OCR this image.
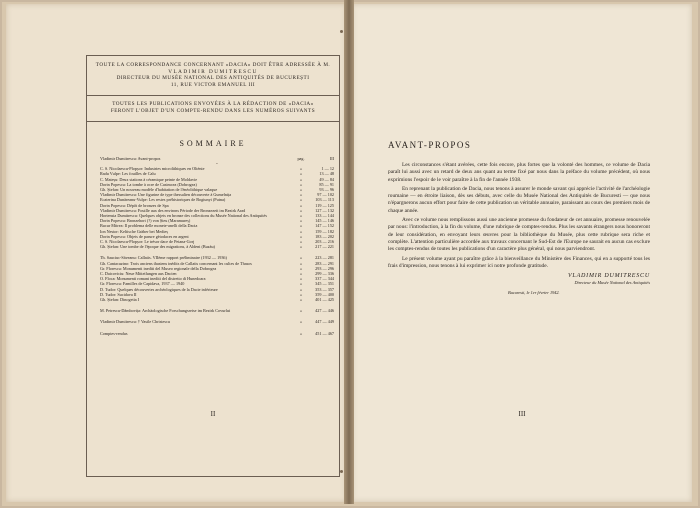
TOUTE LA CORRESPONDANCE CONCERNANT «DACIA» DOIT ÊTRE ADRESSÉE À M.
VLADIMIR DUMITRESCU
DIRECTEUR DU MUSÉE NATIONAL DES ANTIQUITÉS DE BUCUREȘTI
11, RUE VICTOR EMANUEL III
TOUTES LES PUBLICATIONS ENVOYÉES À LA RÉDACTION DE «DACIA»
FERONT L'OBJET D'UN COMPTE-RENDU DANS LES NUMÉROS SUIVANTS
SOMMAIRE
Vladimir Dumitrescu: Avant-propos	pag.	III
•
C. S. Nicolaescu-Plopșor: Industries microlithiques en Olténie	»	1 — 12
Radu Vulpe: Les fouilles de Calu	»	13 — 48
C. Mateșu: Deux stations à céramique peinte de Moldavie	»	49 — 84
Dorin Popescu: La tombe à ocre de Casimcea (Dobrogea)	»	85 — 91
Gh. Ștefan: Un nouveau modèle d'habitation de l'énéolithique valaque	»	93 — 96
Vladimir Dumitrescu: Une figurine de type thessalien découverte à Gumelnița	»	97 — 102
Ecaterina Dunăreanu-Vulpe: Les restes préhistoriques de Bogiunyi (Putna)	»	103 — 113
Dorin Popescu: Dépôt de bronzes de Spa	»	119 — 125
Vladimir Dumitrescu: Fouille aux des environs Période der Bronzezeit im Bezirk Arad	»	127 — 132
Hortensia Dumitrescu: Quelques objets en bronze des collections du Musée National des Antiquités	»	133 — 144
Dorin Popescu: Bronzehort (?) von Șieu (Maramureș)	»	145 — 146
Bucur Mitrea: Il problema delle monete-anelli della Dacia	»	147 — 152
Ion Nestor: Keltische Gräber bei Medieș	»	159 — 182
Dorin Popescu: Objets de parure gètodaces en argent	»	183 — 202
C. S. Nicolaescu-Plopșor: Le trésor dace de Peiana-Gorj	»	203 — 216
Gh. Ștefan: Une tombe de l'époque des migrations, à Aldeni (Buzău)	»	217 — 221
Th. Sauciuc-Săveanu: Callatis. VIIème rapport préliminaire (1932 — 1936)	»	223 — 281
Gh. Cantacuzino: Trois anciens thasiens inédits de Callatis concernant les cultes de Thasos	»	283 — 291
Gr. Florescu: Monumenti inediti del Museo regionale della Dobrogea	»	293 — 296
C. Daicoviciu: Neue Mitteilungen aus Dacien	»	299 — 336
O. Floca: Monumenti romani inediti del distretto di Hunedoara	»	337 — 344
Gr. Florescu: Familles de Capidava, 1937 — 1940	»	345 — 351
D. Tudor: Quelques découvertes archéologiques de la Dacie inférieure	»	353 — 357
D. Tudor: Sucidava II	»	359 — 400
Gh. Ștefan: Dinogetia I	»	401 — 425
M. Petrescu-Dâmbovița: Archäologische Forschungsreise im Bezirk Covurlui	»	427 — 446
Vladimir Dumitrescu: † Vasile Christescu	»	447 — 449
Comptes-rendus	»	451 — 467
II
AVANT-PROPOS

Les circonstances s'étant avérées, cette fois encore, plus fortes que la volonté des hommes, ce volume de Dacia paraît lui aussi avec un retard de deux ans quant au terme fixé par nous dans la préface du volume précédent, où nous exprimions l'espoir de le voir paraître à la fin de l'année 1938.

En reprenant la publication de Dacia, nous tenons à assurer le monde savant qui apprécie l'activité de l'archéologie roumaine — en étroite liaison, dès ses débuts, avec celle du Musée National des Antiquités de Bucuresti — que nous n'épargnerons aucun effort pour faire de cette publication un véritable annuaire, paraissant au cours des premiers mois de chaque année.

Avec ce volume nous remplissons aussi une ancienne promesse du fondateur de cet annuaire, promesse renouvelée par nous: l'introduction, à la fin du volume, d'une rubrique de comptes-rendus. Plus les savants étrangers nous honoreront de leur considération, en envoyant leurs œuvres pour la bibliothèque du Musée, plus cette rubrique sera riche et complète. L'attention particulière accordée aux travaux concernant le Sud-Est de l'Europe ne saurait en aucun cas exclure les comptes-rendus de toutes les publications d'un caractère plus général, qui nous parviendront.

Le présent volume ayant pu paraître grâce à la bienveillance du Ministère des Finances, qui en a supporté tous les frais d'impression, nous tenons à lui exprimer ici notre profonde gratitude.

VLADIMIR DUMITRESCU
Directeur du Musée National des Antiquités
Bucuresti, le 1er février 1942.
III
